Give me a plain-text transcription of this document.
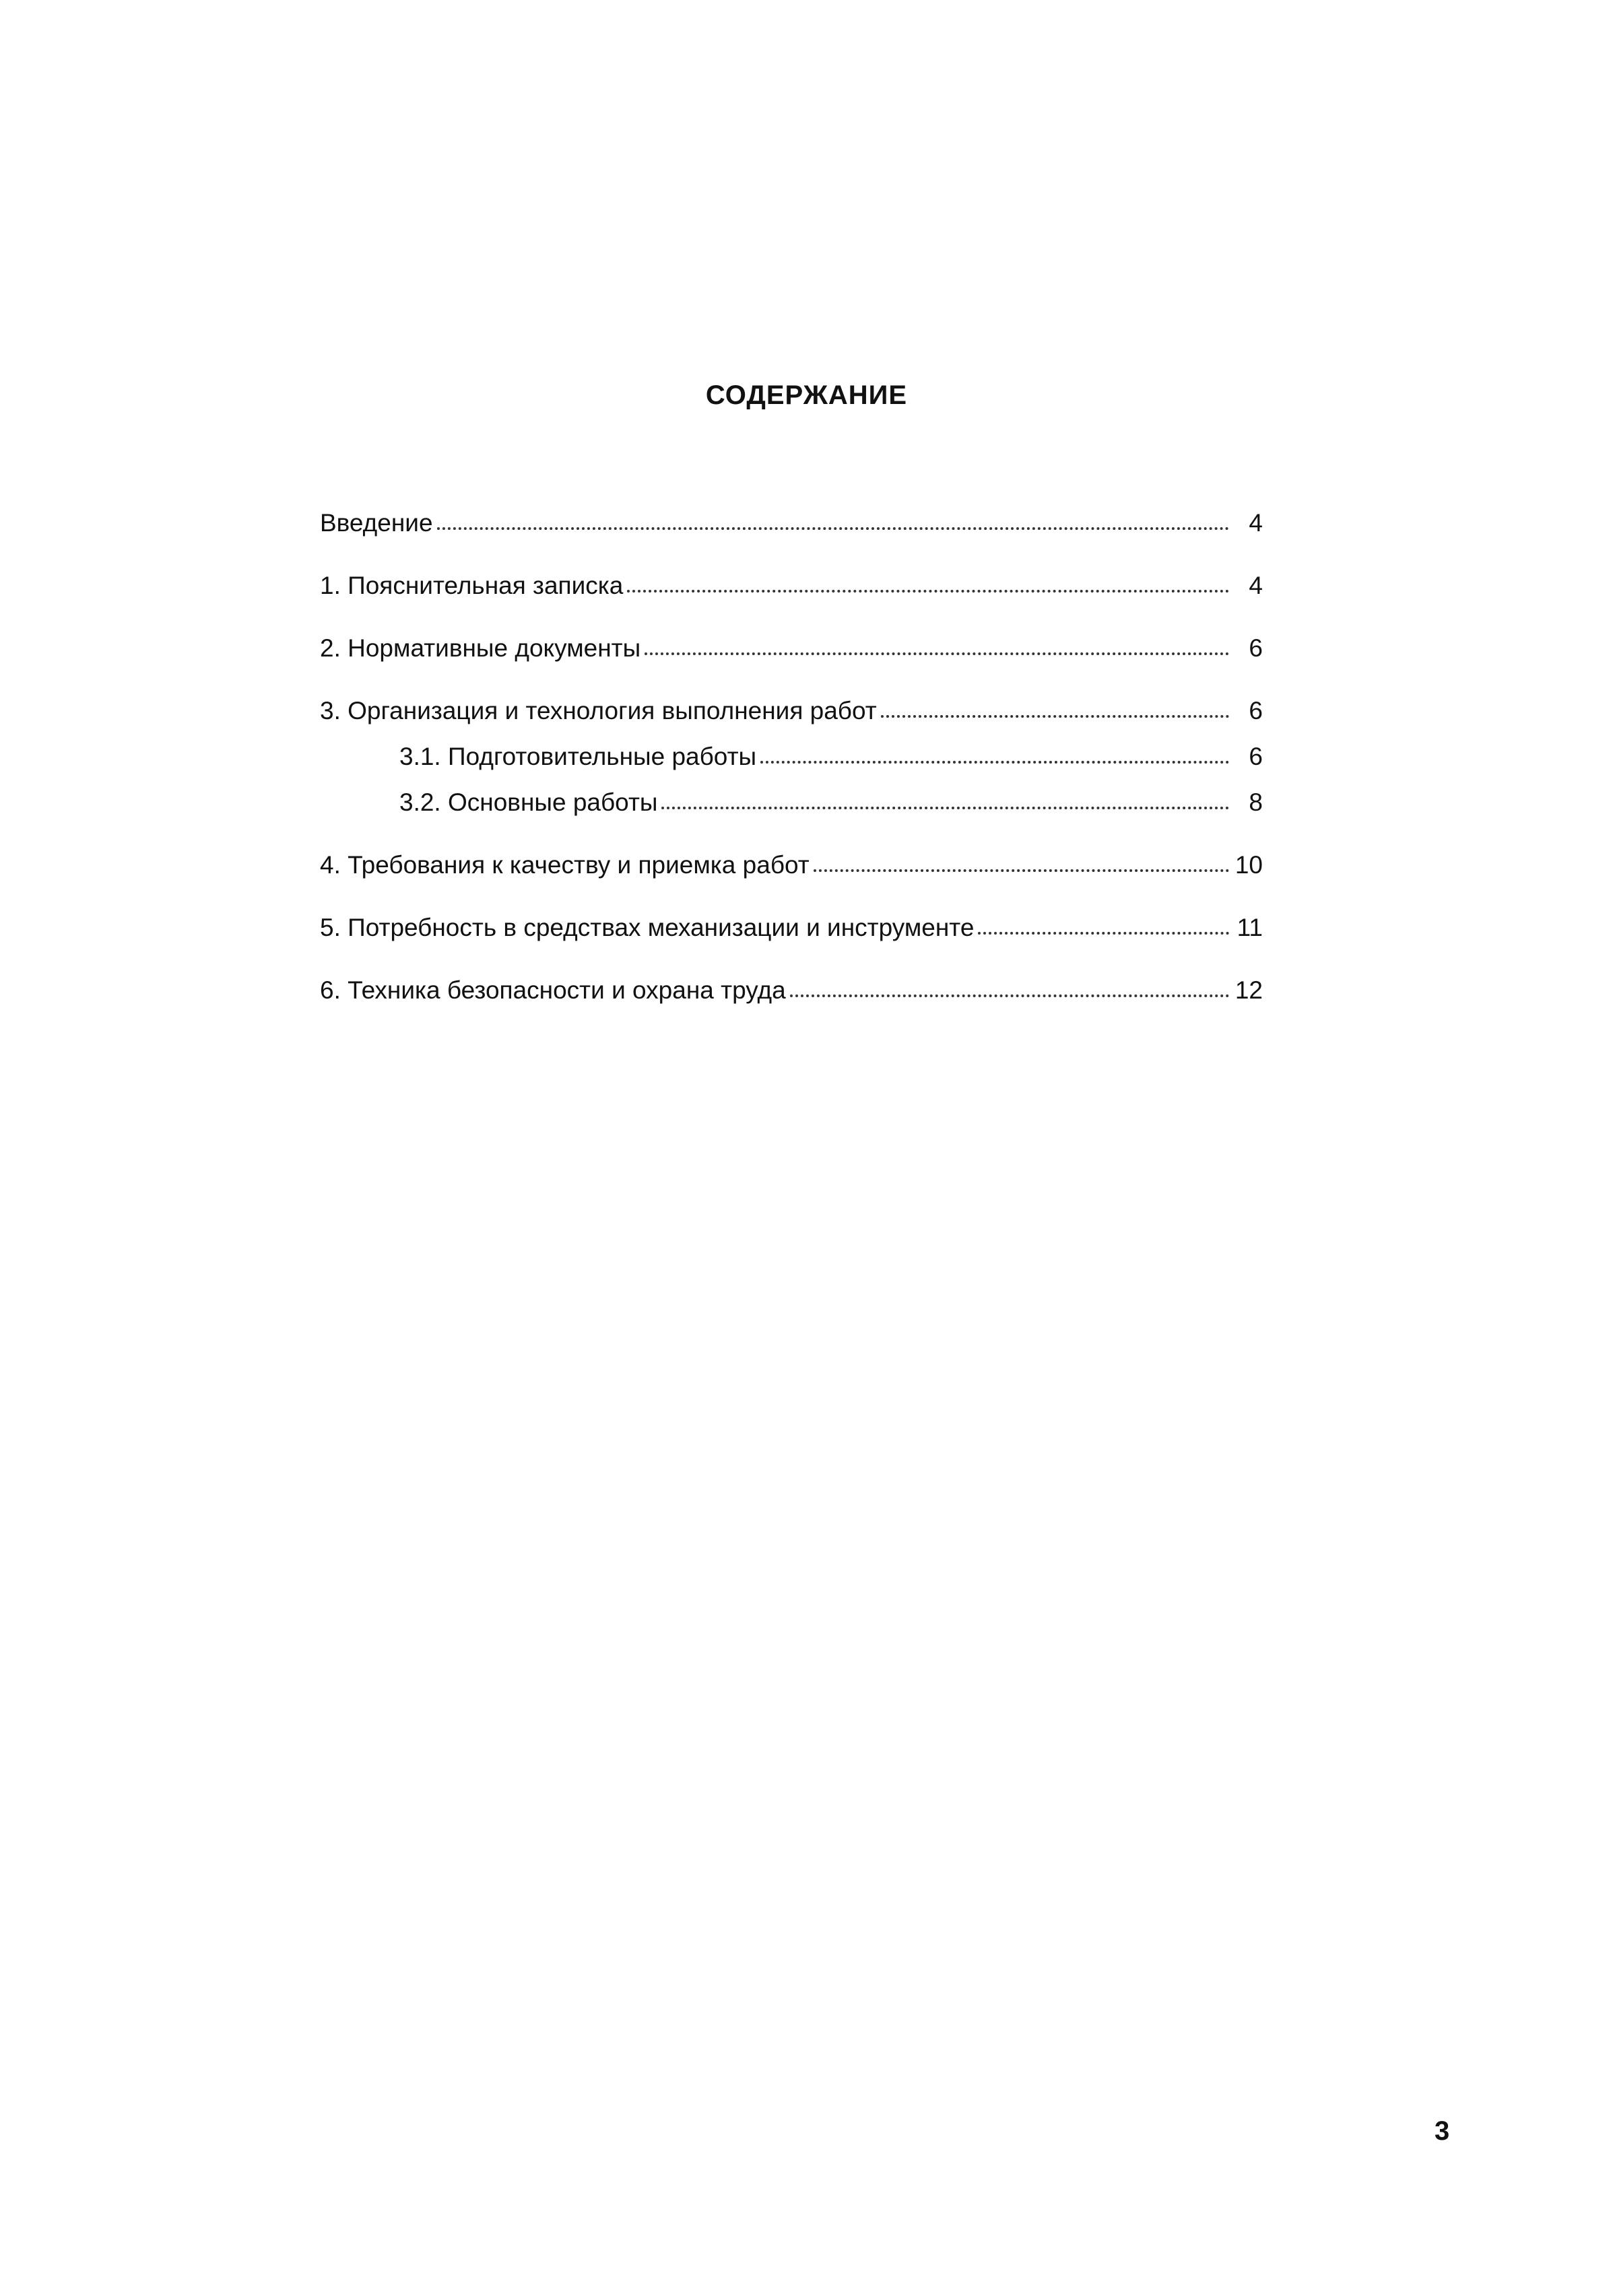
СОДЕРЖАНИЕ
Введение	4
1. Пояснительная записка	4
2. Нормативные документы	6
3. Организация и технология выполнения работ	6
3.1. Подготовительные работы	6
3.2. Основные работы	8
4. Требования к качеству и приемка работ	10
5. Потребность в средствах механизации и инструменте	11
6. Техника безопасности и охрана труда	12
3
